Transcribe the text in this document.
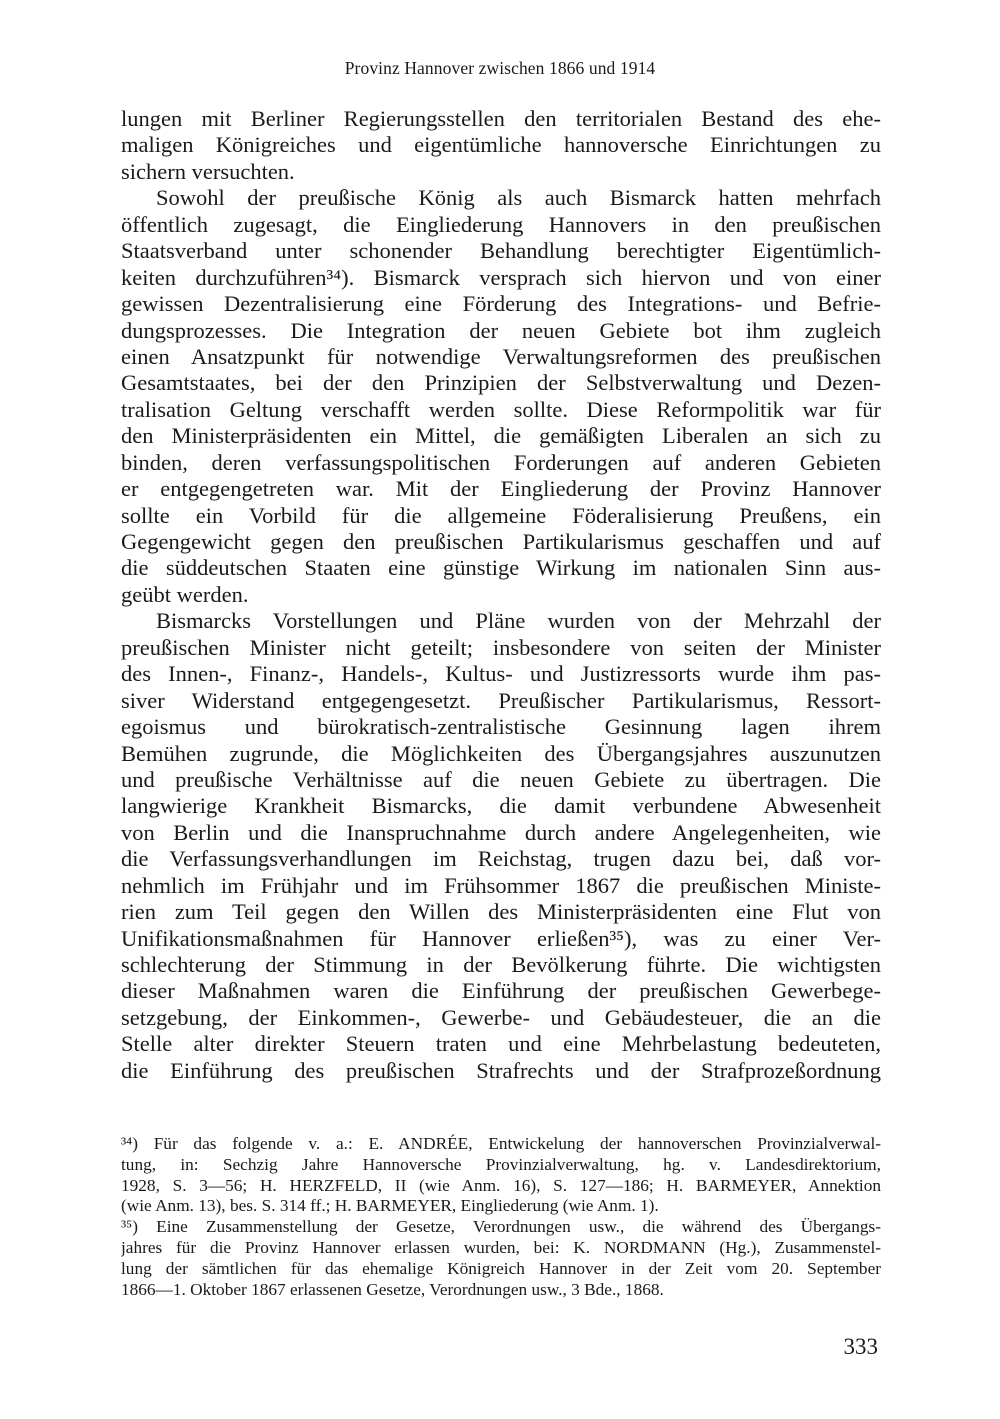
Provinz Hannover zwischen 1866 und 1914
lungen mit Berliner Regierungsstellen den territorialen Bestand des ehe-
maligen Königreiches und eigentümliche hannoversche Einrichtungen zu
sichern versuchten.
Sowohl der preußische König als auch Bismarck hatten mehrfach
öffentlich zugesagt, die Eingliederung Hannovers in den preußischen
Staatsverband unter schonender Behandlung berechtigter Eigentümlich-
keiten durchzuführen³⁴). Bismarck versprach sich hiervon und von einer
gewissen Dezentralisierung eine Förderung des Integrations- und Befrie-
dungsprozesses. Die Integration der neuen Gebiete bot ihm zugleich
einen Ansatzpunkt für notwendige Verwaltungsreformen des preußischen
Gesamtstaates, bei der den Prinzipien der Selbstverwaltung und Dezen-
tralisation Geltung verschafft werden sollte. Diese Reformpolitik war für
den Ministerpräsidenten ein Mittel, die gemäßigten Liberalen an sich zu
binden, deren verfassungspolitischen Forderungen auf anderen Gebieten
er entgegengetreten war. Mit der Eingliederung der Provinz Hannover
sollte ein Vorbild für die allgemeine Föderalisierung Preußens, ein
Gegengewicht gegen den preußischen Partikularismus geschaffen und auf
die süddeutschen Staaten eine günstige Wirkung im nationalen Sinn aus-
geübt werden.
Bismarcks Vorstellungen und Pläne wurden von der Mehrzahl der
preußischen Minister nicht geteilt; insbesondere von seiten der Minister
des Innen-, Finanz-, Handels-, Kultus- und Justizressorts wurde ihm pas-
siver Widerstand entgegengesetzt. Preußischer Partikularismus, Ressort-
egoismus und bürokratisch-zentralistische Gesinnung lagen ihrem
Bemühen zugrunde, die Möglichkeiten des Übergangsjahres auszunutzen
und preußische Verhältnisse auf die neuen Gebiete zu übertragen. Die
langwierige Krankheit Bismarcks, die damit verbundene Abwesenheit
von Berlin und die Inanspruchnahme durch andere Angelegenheiten, wie
die Verfassungsverhandlungen im Reichstag, trugen dazu bei, daß vor-
nehmlich im Frühjahr und im Frühsommer 1867 die preußischen Ministe-
rien zum Teil gegen den Willen des Ministerpräsidenten eine Flut von
Unifikationsmaßnahmen für Hannover erließen³⁵), was zu einer Ver-
schlechterung der Stimmung in der Bevölkerung führte. Die wichtigsten
dieser Maßnahmen waren die Einführung der preußischen Gewerbege-
setzgebung, der Einkommen-, Gewerbe- und Gebäudesteuer, die an die
Stelle alter direkter Steuern traten und eine Mehrbelastung bedeuteten,
die Einführung des preußischen Strafrechts und der Strafprozeßordnung
³⁴) Für das folgende v. a.: E. ANDRÉE, Entwickelung der hannoverschen Provinzialverwal-
tung, in: Sechzig Jahre Hannoversche Provinzialverwaltung, hg. v. Landesdirektorium,
1928, S. 3—56; H. HERZFELD, II (wie Anm. 16), S. 127—186; H. BARMEYER, Annektion
(wie Anm. 13), bes. S. 314 ff.; H. BARMEYER, Eingliederung (wie Anm. 1).
³⁵) Eine Zusammenstellung der Gesetze, Verordnungen usw., die während des Übergangs-
jahres für die Provinz Hannover erlassen wurden, bei: K. NORDMANN (Hg.), Zusammenstel-
lung der sämtlichen für das ehemalige Königreich Hannover in der Zeit vom 20. September
1866—1. Oktober 1867 erlassenen Gesetze, Verordnungen usw., 3 Bde., 1868.
333
